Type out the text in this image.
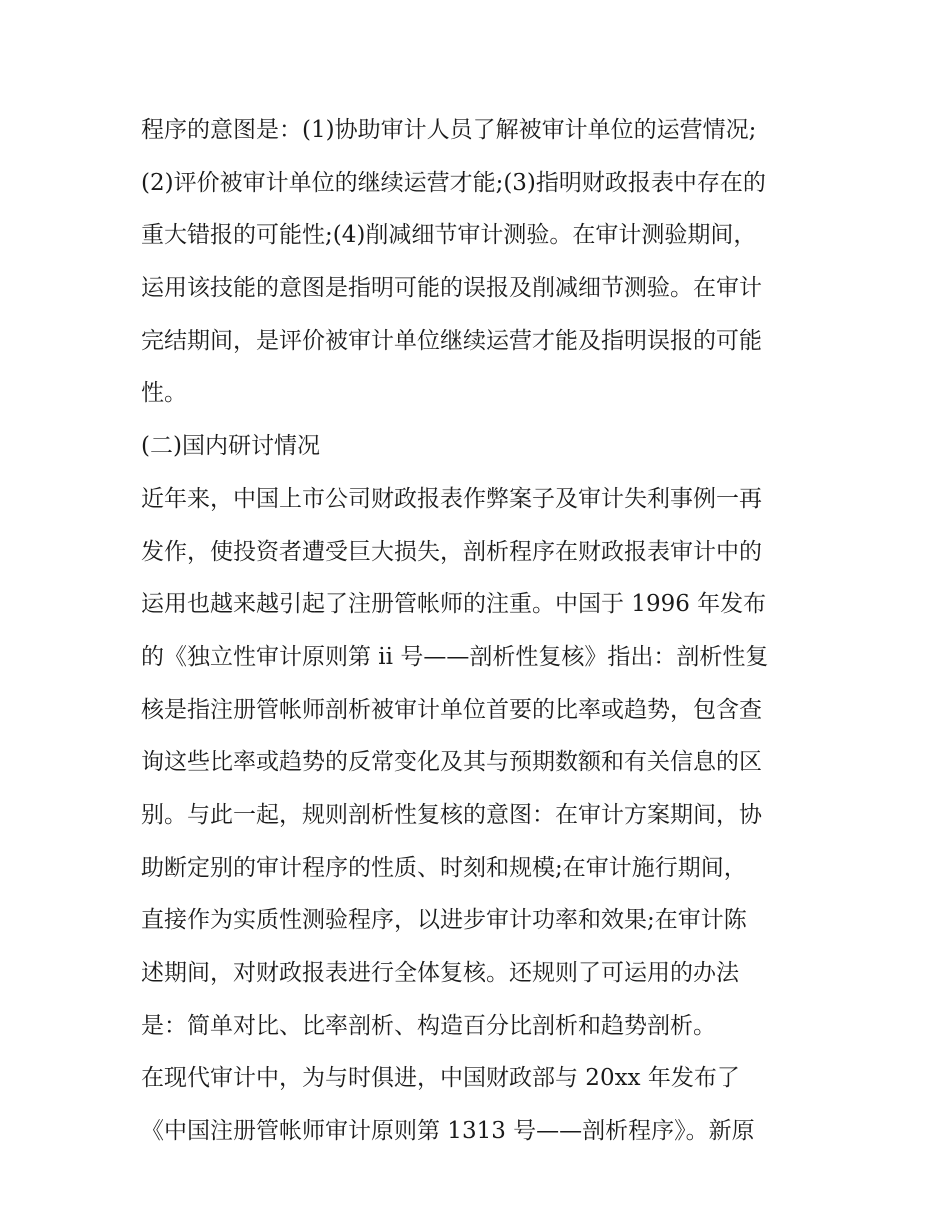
程序的意图是：(1)协助审计人员了解被审计单位的运营情况;
(2)评价被审计单位的继续运营才能;(3)指明财政报表中存在的
重大错报的可能性;(4)削减细节审计测验。在审计测验期间，
运用该技能的意图是指明可能的误报及削减细节测验。在审计
完结期间，是评价被审计单位继续运营才能及指明误报的可能
性。
(二)国内研讨情况
近年来，中国上市公司财政报表作弊案子及审计失利事例一再
发作，使投资者遭受巨大损失，剖析程序在财政报表审计中的
运用也越来越引起了注册管帐师的注重。中国于 1996 年发布
的《独立性审计原则第 ii 号——剖析性复核》指出：剖析性复
核是指注册管帐师剖析被审计单位首要的比率或趋势，包含查
询这些比率或趋势的反常变化及其与预期数额和有关信息的区
别。与此一起，规则剖析性复核的意图：在审计方案期间，协
助断定别的审计程序的性质、时刻和规模;在审计施行期间，
直接作为实质性测验程序，以进步审计功率和效果;在审计陈
述期间，对财政报表进行全体复核。还规则了可运用的办法
是：简单对比、比率剖析、构造百分比剖析和趋势剖析。
在现代审计中，为与时俱进，中国财政部与 20xx 年发布了
《中国注册管帐师审计原则第 1313 号——剖析程序》。新原
